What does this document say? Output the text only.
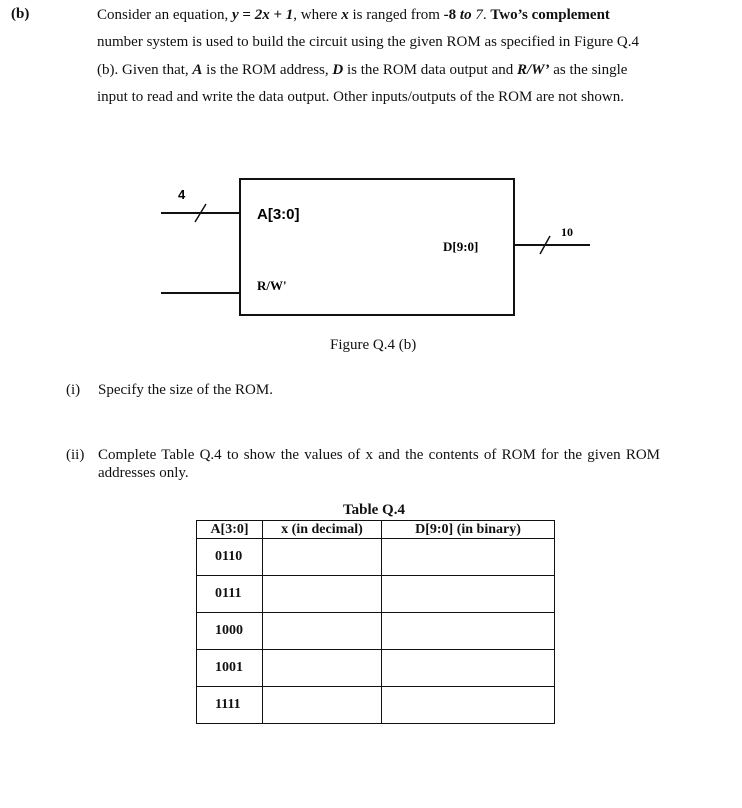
(b)	Consider an equation, y = 2x + 1, where x is ranged from -8 to 7. Two’s complement number system is used to build the circuit using the given ROM as specified in Figure Q.4 (b). Given that, A is the ROM address, D is the ROM data output and R/W’ as the single input to read and write the data output. Other inputs/outputs of the ROM are not shown.
4
A[3:0]
R/W'
D[9:0]
10
Figure Q.4 (b)
(i) Specify the size of the ROM.
(ii) Complete Table Q.4 to show the values of x and the contents of ROM for the given ROM addresses only.
Table Q.4
A[3:0]	x (in decimal)	D[9:0] (in binary)
0110		
0111		
1000		
1001		
1111		
